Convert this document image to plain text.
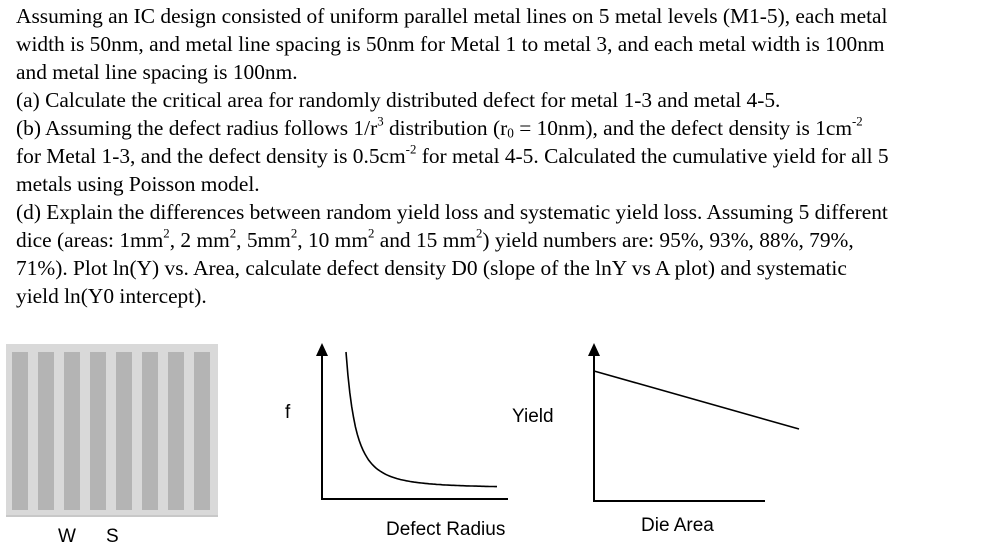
Assuming an IC design consisted of uniform parallel metal lines on 5 metal levels (M1-5), each metal
width is 50nm, and metal line spacing is 50nm for Metal 1 to metal 3, and each metal width is 100nm
and metal line spacing is 100nm.
(a) Calculate the critical area for randomly distributed defect for metal 1-3 and metal 4-5.
(b) Assuming the defect radius follows $1/r^3$ distribution $(r_0 = 10nm)$, and the defect density is $1cm^{-2}$
for Metal 1-3, and the defect density is $0.5cm^{-2}$ for metal 4-5. Calculated the cumulative yield for all 5
metals using Poisson model.
(d) Explain the differences between random yield loss and systematic yield loss. Assuming 5 different
dice (areas: $1mm^2$, 2 $mm^2$, $5mm^2$, 10 $mm^2$ and 15 $mm^2$) yield numbers are: 95%, 93%, 88%, 79%,
71%). Plot ln(Y) vs. Area, calculate defect density D0 (slope of the lnY vs A plot) and systematic
yield ln(Y0 intercept).
W S
f
Defect Radius
Yield
Die Area
